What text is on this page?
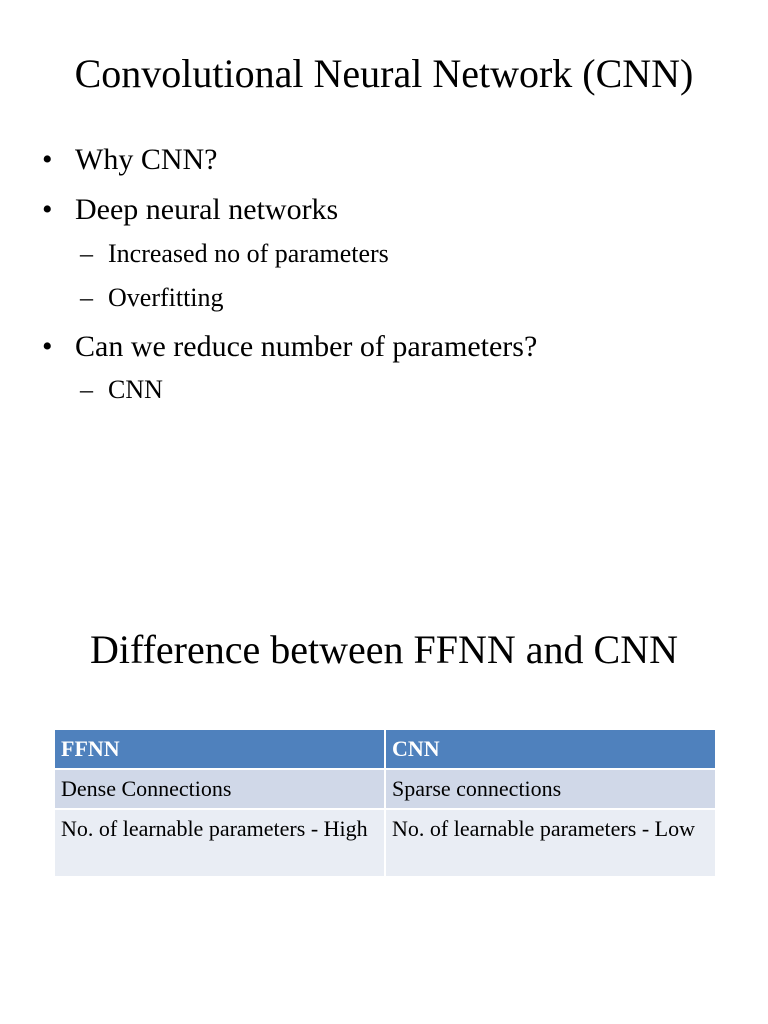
Convolutional Neural Network (CNN)
• Why CNN?
• Deep neural networks
– Increased no of parameters
– Overfitting
• Can we reduce number of parameters?
– CNN
Difference between FFNN and CNN
FFNN	CNN
Dense Connections	Sparse connections
No. of learnable parameters - High	No. of learnable parameters - Low
